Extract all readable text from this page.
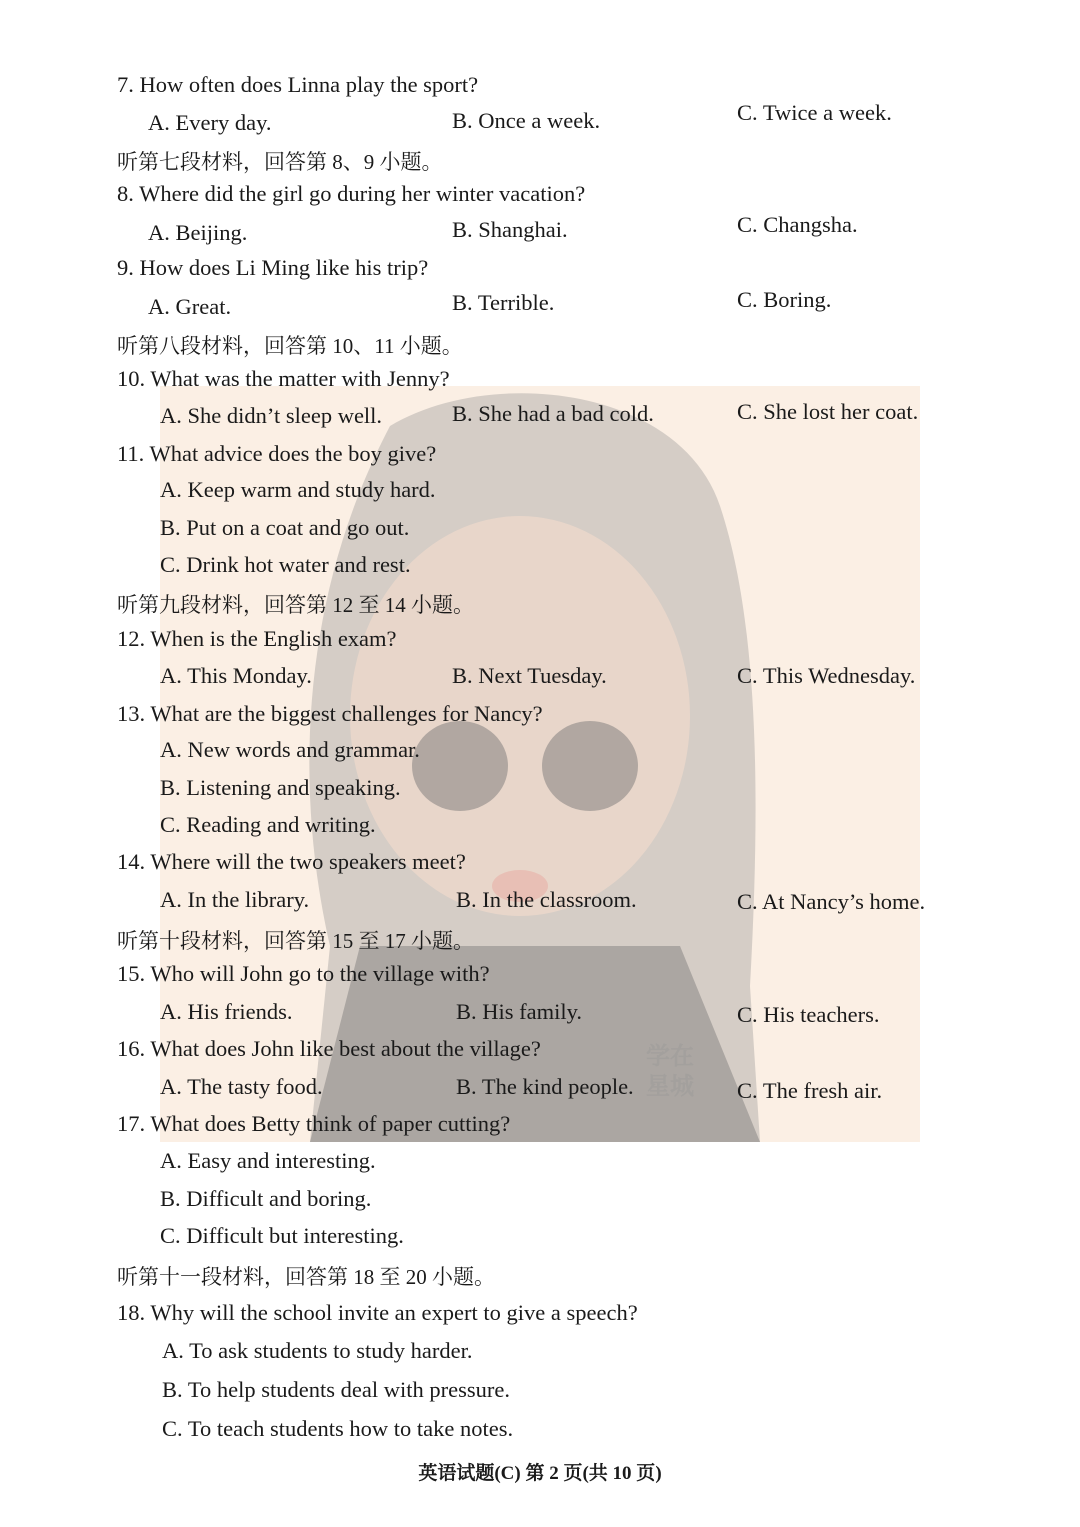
学在
星城
7. How often does Linna play the sport?
A. Every day.	B. Once a week.	C. Twice a week.
听第七段材料，回答第 8、9 小题。
8. Where did the girl go during her winter vacation?
A. Beijing.	B. Shanghai.	C. Changsha.
9. How does Li Ming like his trip?
A. Great.	B. Terrible.	C. Boring.
听第八段材料，回答第 10、11 小题。
10. What was the matter with Jenny?
A. She didn’t sleep well.	B. She had a bad cold.	C. She lost her coat.
11. What advice does the boy give?
A. Keep warm and study hard.
B. Put on a coat and go out.
C. Drink hot water and rest.
听第九段材料，回答第 12 至 14 小题。
12. When is the English exam?
A. This Monday.	B. Next Tuesday.	C. This Wednesday.
13. What are the biggest challenges for Nancy?
A. New words and grammar.
B. Listening and speaking.
C. Reading and writing.
14. Where will the two speakers meet?
A. In the library.	B. In the classroom.	C. At Nancy’s home.
听第十段材料，回答第 15 至 17 小题。
15. Who will John go to the village with?
A. His friends.	B. His family.	C. His teachers.
16. What does John like best about the village?
A. The tasty food.	B. The kind people.	C. The fresh air.
17. What does Betty think of paper cutting?
A. Easy and interesting.
B. Difficult and boring.
C. Difficult but interesting.
听第十一段材料，回答第 18 至 20 小题。
18. Why will the school invite an expert to give a speech?
A. To ask students to study harder.
B. To help students deal with pressure.
C. To teach students how to take notes.
英语试题(C) 第 2 页(共 10 页)
